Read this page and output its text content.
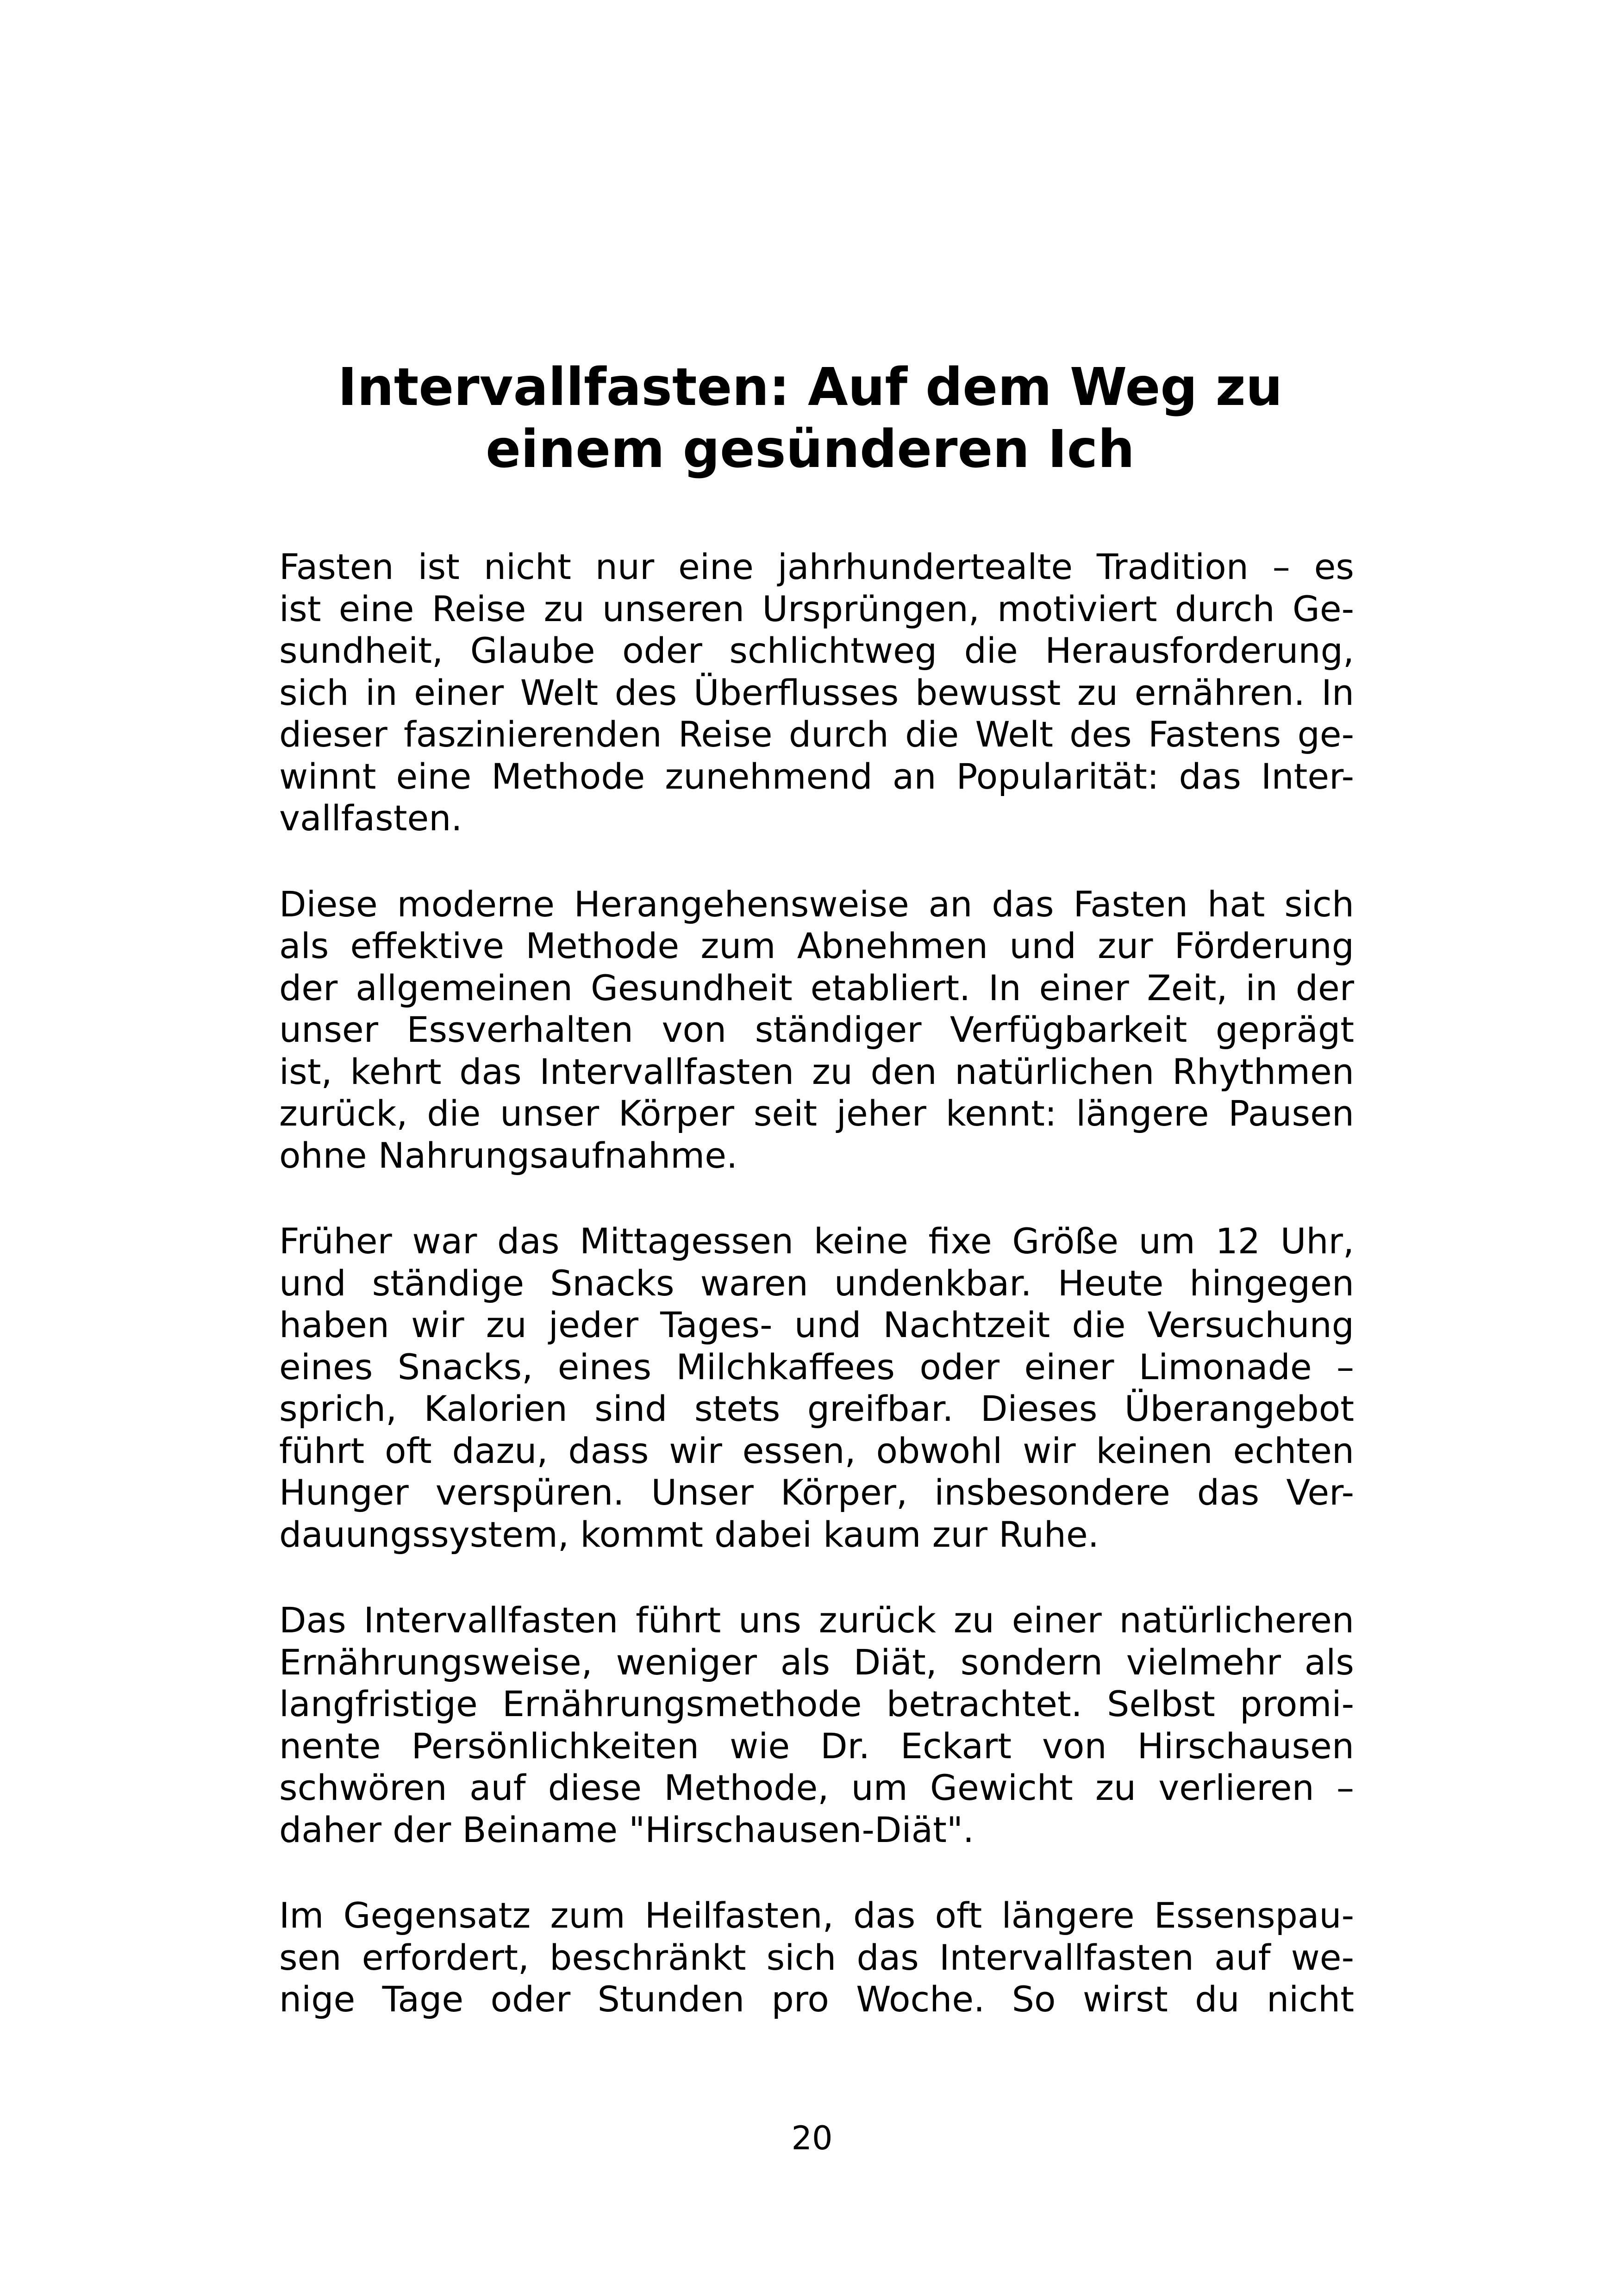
Intervallfasten: Auf dem Weg zu
einem gesünderen Ich
Fasten ist nicht nur eine jahrhundertealte Tradition – es
ist eine Reise zu unseren Ursprüngen, motiviert durch Ge-
sundheit, Glaube oder schlichtweg die Herausforderung,
sich in einer Welt des Überflusses bewusst zu ernähren. In
dieser faszinierenden Reise durch die Welt des Fastens ge-
winnt eine Methode zunehmend an Popularität: das Inter-
vallfasten.
Diese moderne Herangehensweise an das Fasten hat sich
als effektive Methode zum Abnehmen und zur Förderung
der allgemeinen Gesundheit etabliert. In einer Zeit, in der
unser Essverhalten von ständiger Verfügbarkeit geprägt
ist, kehrt das Intervallfasten zu den natürlichen Rhythmen
zurück, die unser Körper seit jeher kennt: längere Pausen
ohne Nahrungsaufnahme.
Früher war das Mittagessen keine fixe Größe um 12 Uhr,
und ständige Snacks waren undenkbar. Heute hingegen
haben wir zu jeder Tages- und Nachtzeit die Versuchung
eines Snacks, eines Milchkaffees oder einer Limonade –
sprich, Kalorien sind stets greifbar. Dieses Überangebot
führt oft dazu, dass wir essen, obwohl wir keinen echten
Hunger verspüren. Unser Körper, insbesondere das Ver-
dauungssystem, kommt dabei kaum zur Ruhe.
Das Intervallfasten führt uns zurück zu einer natürlicheren
Ernährungsweise, weniger als Diät, sondern vielmehr als
langfristige Ernährungsmethode betrachtet. Selbst promi-
nente Persönlichkeiten wie Dr. Eckart von Hirschausen
schwören auf diese Methode, um Gewicht zu verlieren –
daher der Beiname "Hirschausen-Diät".
Im Gegensatz zum Heilfasten, das oft längere Essenspau-
sen erfordert, beschränkt sich das Intervallfasten auf we-
nige Tage oder Stunden pro Woche. So wirst du nicht
20
